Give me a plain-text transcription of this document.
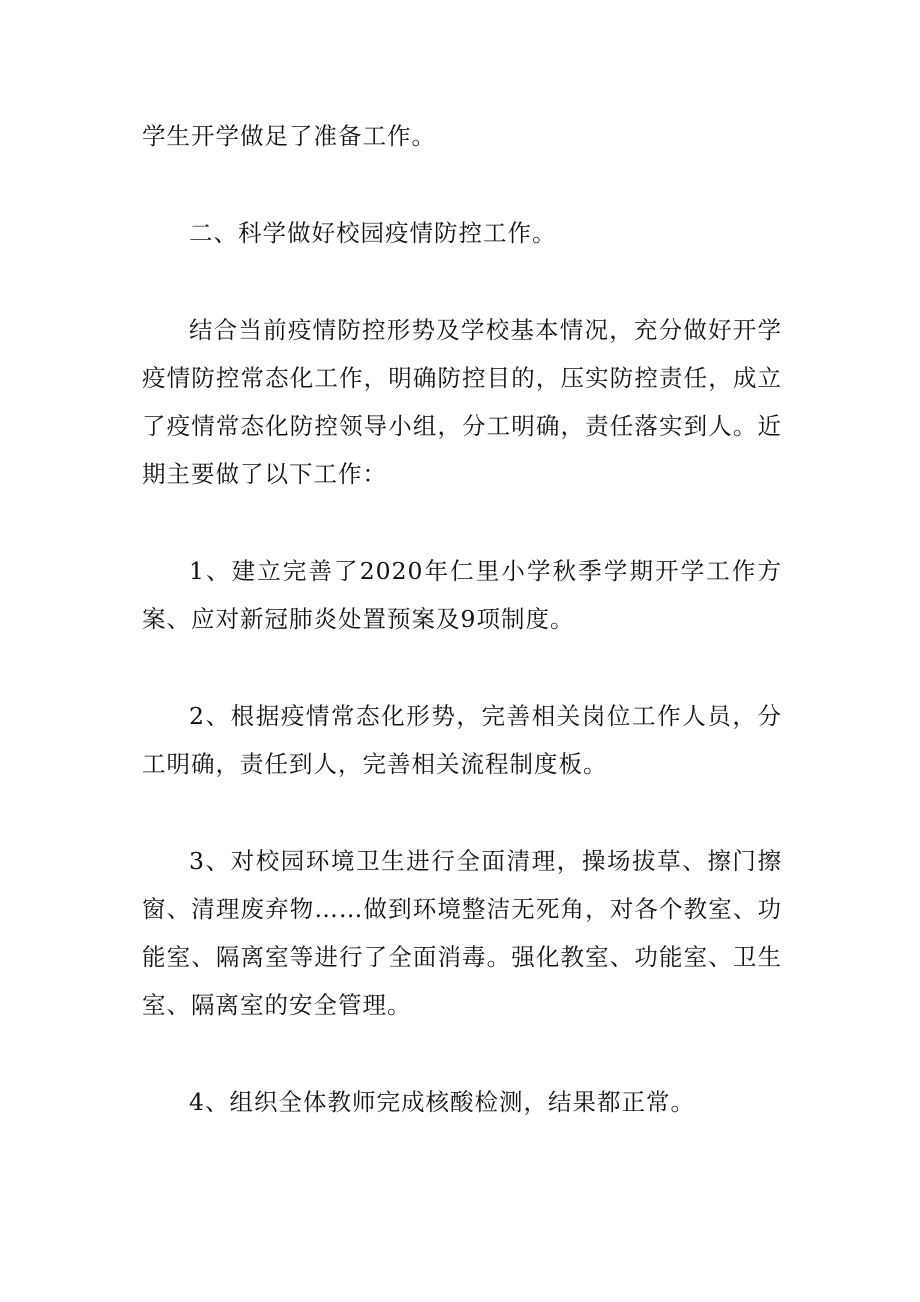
学生开学做足了准备工作。

二、科学做好校园疫情防控工作。

结合当前疫情防控形势及学校基本情况，充分做好开学疫情防控常态化工作，明确防控目的，压实防控责任，成立了疫情常态化防控领导小组，分工明确，责任落实到人。近期主要做了以下工作：

1、建立完善了2020年仁里小学秋季学期开学工作方案、应对新冠肺炎处置预案及9项制度。

2、根据疫情常态化形势，完善相关岗位工作人员，分工明确，责任到人，完善相关流程制度板。

3、对校园环境卫生进行全面清理，操场拔草、擦门擦窗、清理废弃物……做到环境整洁无死角，对各个教室、功能室、隔离室等进行了全面消毒。强化教室、功能室、卫生室、隔离室的安全管理。

4、组织全体教师完成核酸检测，结果都正常。
